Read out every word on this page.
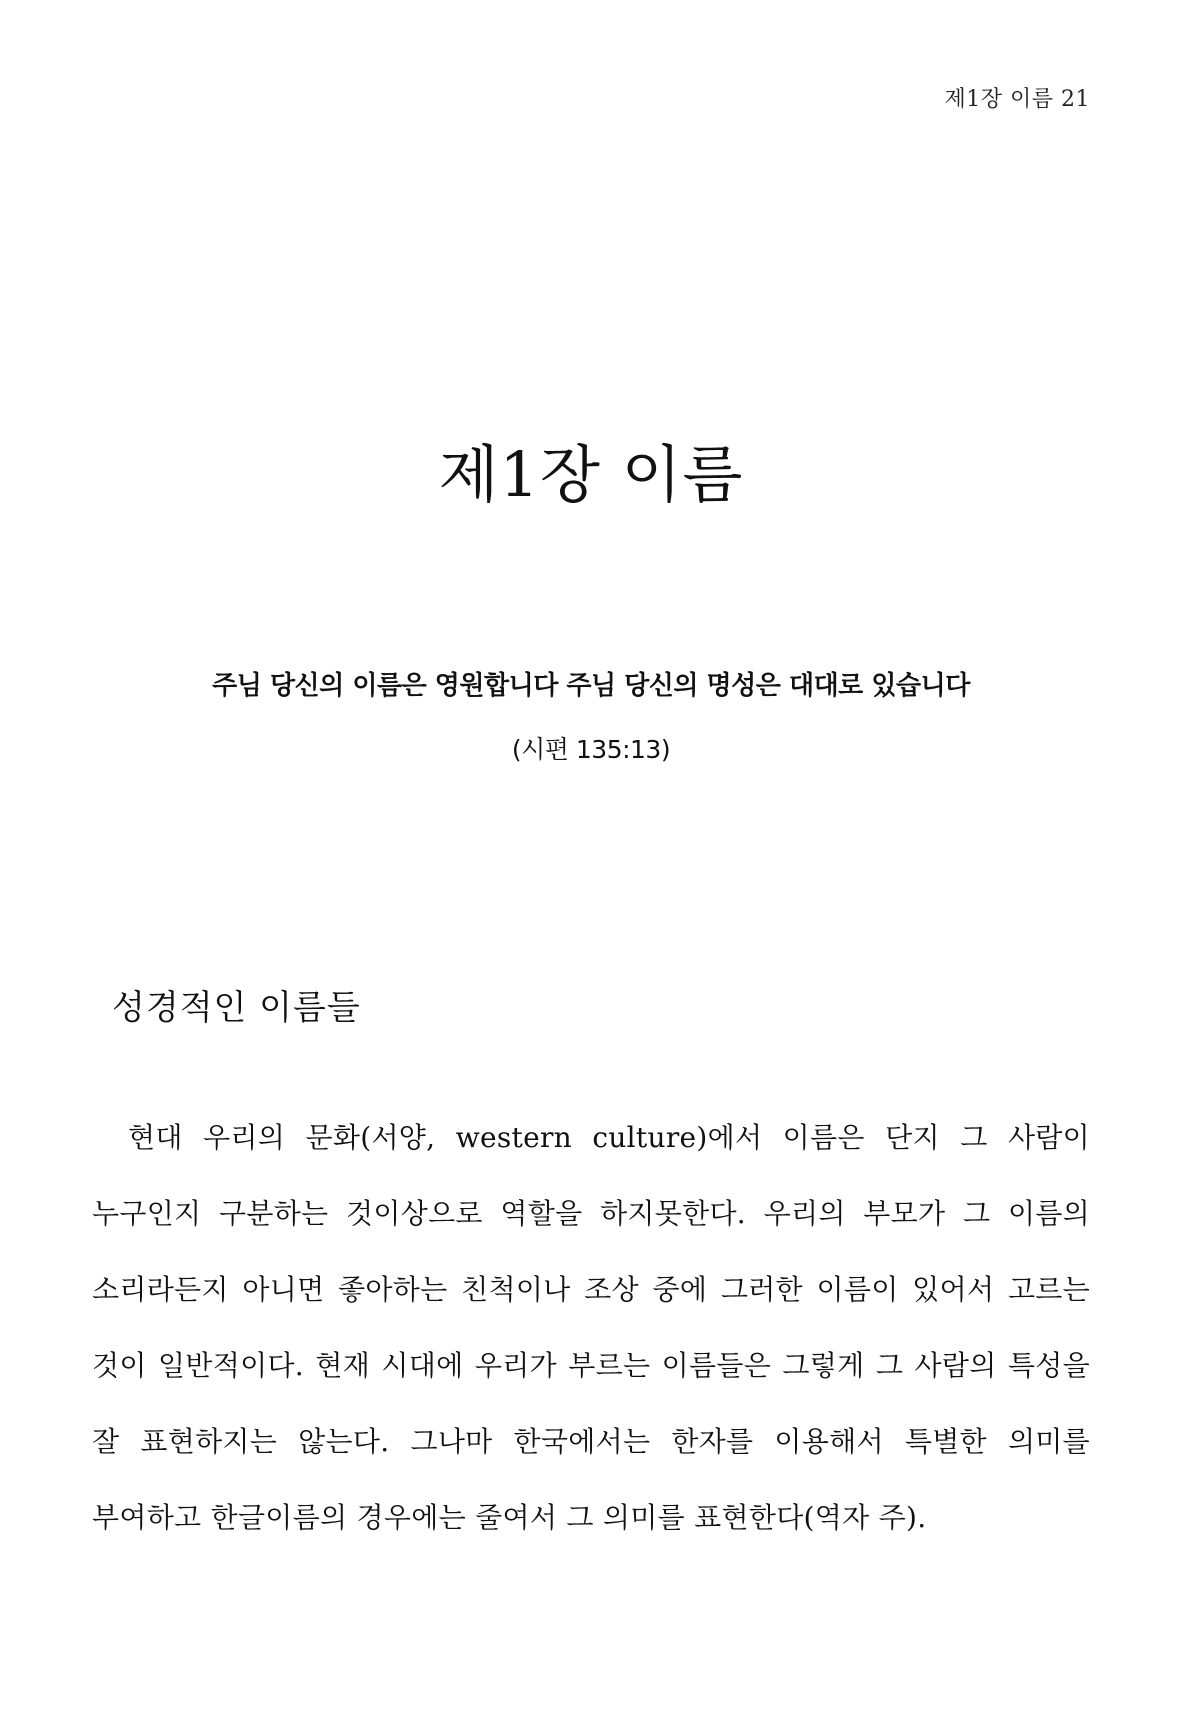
제1장 이름 21
제1장 이름
주님 당신의 이름은 영원합니다 주님 당신의 명성은 대대로 있습니다
(시편 135:13)
성경적인 이름들

현대 우리의 문화(서양, western culture)에서 이름은 단지 그 사람이 누구인지 구분하는 것이상으로 역할을 하지못한다. 우리의 부모가 그 이름의 소리라든지 아니면 좋아하는 친척이나 조상 중에 그러한 이름이 있어서 고르는 것이 일반적이다. 현재 시대에 우리가 부르는 이름들은 그렇게 그 사람의 특성을 잘 표현하지는 않는다. 그나마 한국에서는 한자를 이용해서 특별한 의미를 부여하고 한글이름의 경우에는 줄여서 그 의미를 표현한다(역자 주).
